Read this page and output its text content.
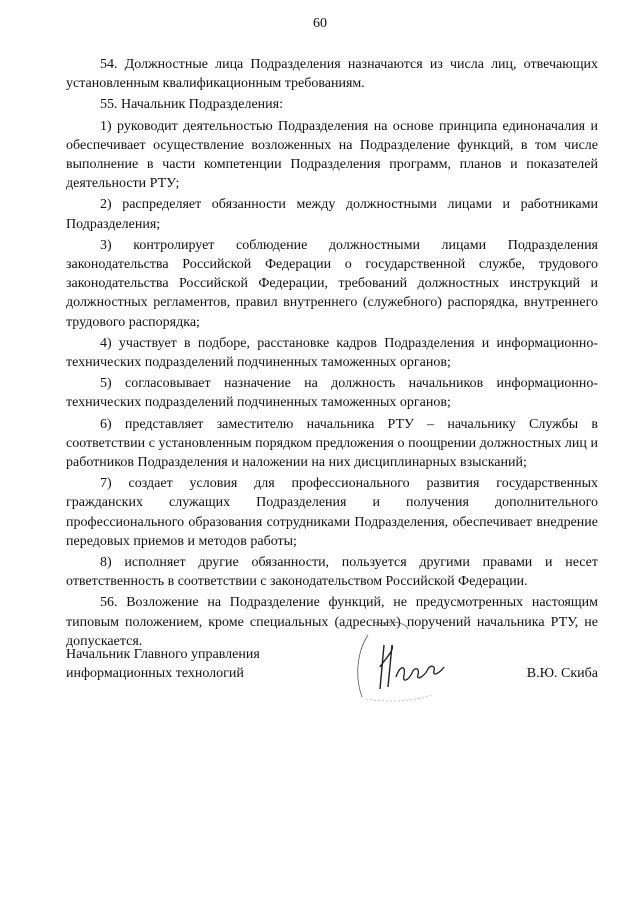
60

54. Должностные лица Подразделения назначаются из числа лиц, отвечающих установленным квалификационным требованиям.

55. Начальник Подразделения:

1) руководит деятельностью Подразделения на основе принципа единоначалия и обеспечивает осуществление возложенных на Подразделение функций, в том числе выполнение в части компетенции Подразделения программ, планов и показателей деятельности РТУ;

2) распределяет обязанности между должностными лицами и работниками Подразделения;

3) контролирует соблюдение должностными лицами Подразделения законодательства Российской Федерации о государственной службе, трудового законодательства Российской Федерации, требований должностных инструкций и должностных регламентов, правил внутреннего (служебного) распорядка, внутреннего трудового распорядка;

4) участвует в подборе, расстановке кадров Подразделения и информационно-технических подразделений подчиненных таможенных органов;

5) согласовывает назначение на должность начальников информационно-технических подразделений подчиненных таможенных органов;

6) представляет заместителю начальника РТУ – начальнику Службы в соответствии с установленным порядком предложения о поощрении должностных лиц и работников Подразделения и наложении на них дисциплинарных взысканий;

7) создает условия для профессионального развития государственных гражданских служащих Подразделения и получения дополнительного профессионального образования сотрудниками Подразделения, обеспечивает внедрение передовых приемов и методов работы;

8) исполняет другие обязанности, пользуется другими правами и несет ответственность в соответствии с законодательством Российской Федерации.

56. Возложение на Подразделение функций, не предусмотренных настоящим типовым положением, кроме специальных (адресных) поручений начальника РТУ, не допускается.

Начальник Главного управления
информационных технологий	В.Ю. Скиба
